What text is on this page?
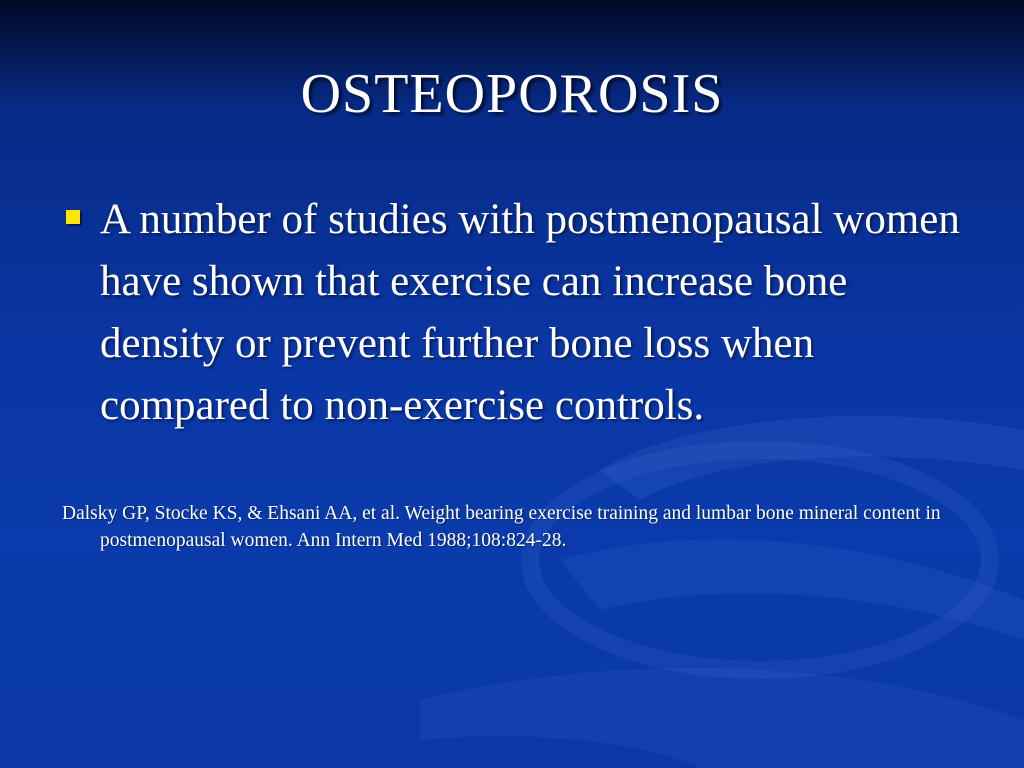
OSTEOPOROSIS
A number of studies with postmenopausal women have shown that exercise can increase bone density or prevent further bone loss when compared to non-exercise controls.
Dalsky GP, Stocke KS, & Ehsani AA, et al. Weight bearing exercise training and lumbar bone mineral content in postmenopausal women. Ann Intern Med 1988;108:824-28.
